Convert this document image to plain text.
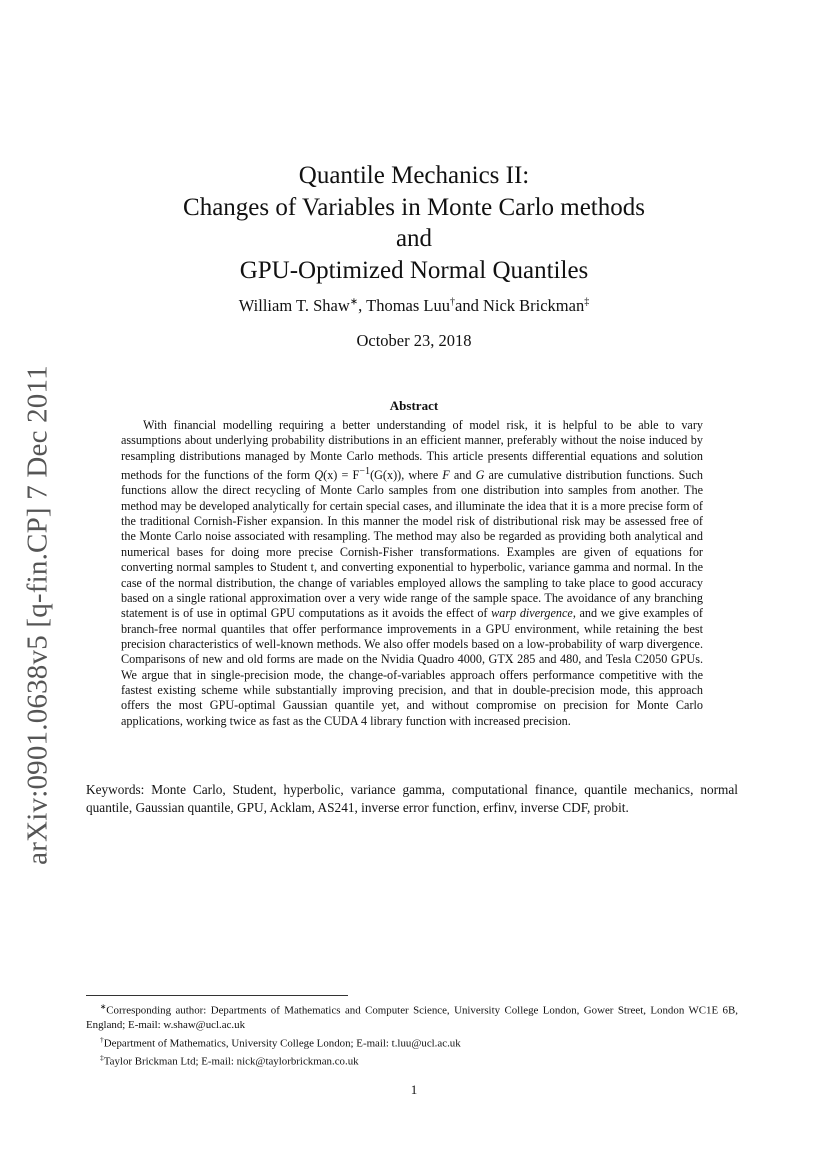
arXiv:0901.0638v5 [q-fin.CP] 7 Dec 2011
Quantile Mechanics II:
Changes of Variables in Monte Carlo methods
and
GPU-Optimized Normal Quantiles
William T. Shaw∗, Thomas Luu†and Nick Brickman‡
October 23, 2018
Abstract
With financial modelling requiring a better understanding of model risk, it is helpful to be able to vary assumptions about underlying probability distributions in an efficient manner, preferably without the noise induced by resampling distributions managed by Monte Carlo methods. This article presents differential equations and solution methods for the functions of the form $Q(x) = F^{-1}(G(x))$, where F and G are cumulative distribution functions. Such functions allow the direct recycling of Monte Carlo samples from one distribution into samples from another. The method may be developed analytically for certain special cases, and illuminate the idea that it is a more precise form of the traditional Cornish-Fisher expansion. In this manner the model risk of distributional risk may be assessed free of the Monte Carlo noise associated with resampling. The method may also be regarded as providing both analytical and numerical bases for doing more precise Cornish-Fisher transformations. Examples are given of equations for converting normal samples to Student t, and converting exponential to hyperbolic, variance gamma and normal. In the case of the normal distribution, the change of variables employed allows the sampling to take place to good accuracy based on a single rational approximation over a very wide range of the sample space. The avoidance of any branching statement is of use in optimal GPU computations as it avoids the effect of warp divergence, and we give examples of branch-free normal quantiles that offer performance improvements in a GPU environment, while retaining the best precision characteristics of well-known methods. We also offer models based on a low-probability of warp divergence. Comparisons of new and old forms are made on the Nvidia Quadro 4000, GTX 285 and 480, and Tesla C2050 GPUs. We argue that in single-precision mode, the change-of-variables approach offers performance competitive with the fastest existing scheme while substantially improving precision, and that in double-precision mode, this approach offers the most GPU-optimal Gaussian quantile yet, and without compromise on precision for Monte Carlo applications, working twice as fast as the CUDA 4 library function with increased precision.
Keywords: Monte Carlo, Student, hyperbolic, variance gamma, computational finance, quantile mechanics, normal quantile, Gaussian quantile, GPU, Acklam, AS241, inverse error function, erfinv, inverse CDF, probit.

∗Corresponding author: Departments of Mathematics and Computer Science, University College London, Gower Street, London WC1E 6B, England; E-mail: w.shaw@ucl.ac.uk

†Department of Mathematics, University College London; E-mail: t.luu@ucl.ac.uk

‡Taylor Brickman Ltd; E-mail: nick@taylorbrickman.co.uk

1
